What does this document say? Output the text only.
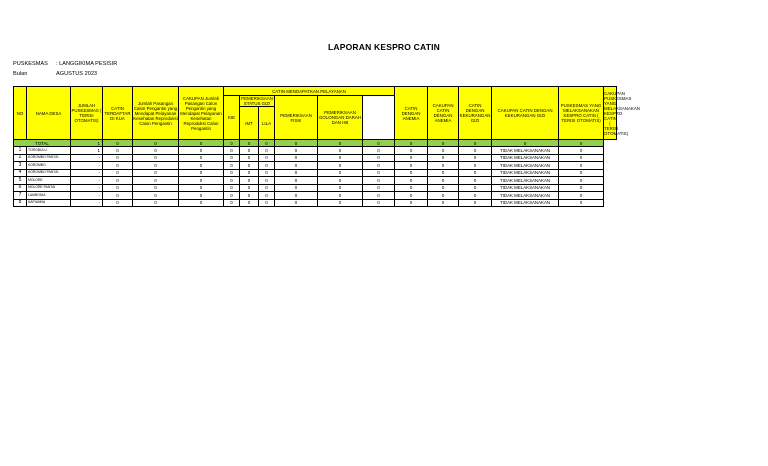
LAPORAN KESPRO CATIN
PUSKESMAS : LANGGIKIMA PESISIR
Bulan	AGUSTUS 2023
NO	NAMA DESA	JUMLAH PUSKESMAS ( TERISI OTOMATIS)	CATIN TERDAFTAR DI KUA	Jumlah Pasangan Calon Pengantin yang Mendapat Pelayanan Kesehatan Reproduksi Calon Pengantin	CAKUPAN Jumlah Pasangan Calon Pengantin yang Mendapat Pelayanan Kesehatan Reproduksi Calon Pengantin	CATIN MENDAPATKAN PELAYANAN						CATIN DENGAN ANEMIA	CAKUPAN CATIN DENGAN ANEMIA	CATIN DENGAN KEKURANGAN GIZI	CAKUPAN CATIN DENGAN KEKURANGAN GIZI	PUSKESMAS YANG MELAKSANAKAN KESPRO CATIN ( TERISI OTOMATIS)	CAKUPAN PUSKESMAS YANG MELAKSANAKAN KESPRO CATIN ( TERISI OTOMATIS)
						KIE	PEMERIKSAAN STATUS GIZI		PEMERIKSAAN FISIK	PEMERIKSAAN GOLONGAN DARAH DAN HB							
							IMT	LILA									
TOTAL		1	0	0	0	0	0	0	0	0	0	0	0	0	0	0	
1	TOROBULU	1	0	0	0	0	0	0	0	0	0	0	0	0	TIDAK MELAKSANAKAN	0	
2	KOROMBO PANTAI	-	0	0	0	0	0	0	0	0	0	0	0	0	TIDAK MELAKSANAKAN	0	
3	KOROMBO	-	0	0	0	0	0	0	0	0	0	0	0	0	TIDAK MELAKSANAKAN	0	
4	KOROMBO PANTAI	-	0	0	0	0	0	0	0	0	0	0	0	0	TIDAK MELAKSANAKAN	0	
5	MOLORE	-	0	0	0	0	0	0	0	0	0	0	0	0	TIDAK MELAKSANAKAN	0	
6	MOLORE PANTAI	-	0	0	0	0	0	0	0	0	0	0	0	0	TIDAK MELAKSANAKAN	0	
7	LAMBODIA	-	0	0	0	0	0	0	0	0	0	0	0	0	TIDAK MELAKSANAKAN	0	
8	KAPIANNA	-	0	0	0	0	0	0	0	0	0	0	0	0	TIDAK MELAKSANAKAN	0	
